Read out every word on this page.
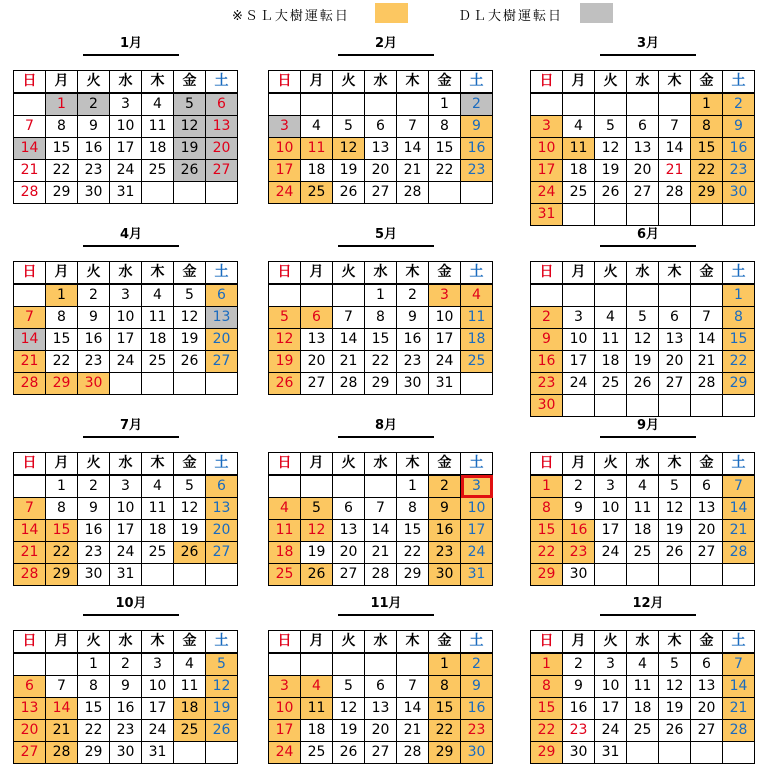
※ＳＬ大樹運転日	ＤＬ大樹運転日
1月
日	月	火	水	木	金	土
	1	2	3	4	5	6
7	8	9	10	11	12	13
14	15	16	17	18	19	20
21	22	23	24	25	26	27
28	29	30	31			
2月
日	月	火	水	木	金	土
					1	2
3	4	5	6	7	8	9
10	11	12	13	14	15	16
17	18	19	20	21	22	23
24	25	26	27	28		
3月
日	月	火	水	木	金	土
					1	2
3	4	5	6	7	8	9
10	11	12	13	14	15	16
17	18	19	20	21	22	23
24	25	26	27	28	29	30
31						
4月
日	月	火	水	木	金	土
	1	2	3	4	5	6
7	8	9	10	11	12	13
14	15	16	17	18	19	20
21	22	23	24	25	26	27
28	29	30				
5月
日	月	火	水	木	金	土
			1	2	3	4
5	6	7	8	9	10	11
12	13	14	15	16	17	18
19	20	21	22	23	24	25
26	27	28	29	30	31	
6月
日	月	火	水	木	金	土
						1
2	3	4	5	6	7	8
9	10	11	12	13	14	15
16	17	18	19	20	21	22
23	24	25	26	27	28	29
30						
7月
日	月	火	水	木	金	土
	1	2	3	4	5	6
7	8	9	10	11	12	13
14	15	16	17	18	19	20
21	22	23	24	25	26	27
28	29	30	31			
8月
日	月	火	水	木	金	土
				1	2	3
4	5	6	7	8	9	10
11	12	13	14	15	16	17
18	19	20	21	22	23	24
25	26	27	28	29	30	31
9月
日	月	火	水	木	金	土
1	2	3	4	5	6	7
8	9	10	11	12	13	14
15	16	17	18	19	20	21
22	23	24	25	26	27	28
29	30					
10月
日	月	火	水	木	金	土
		1	2	3	4	5
6	7	8	9	10	11	12
13	14	15	16	17	18	19
20	21	22	23	24	25	26
27	28	29	30	31		
11月
日	月	火	水	木	金	土
					1	2
3	4	5	6	7	8	9
10	11	12	13	14	15	16
17	18	19	20	21	22	23
24	25	26	27	28	29	30
12月
日	月	火	水	木	金	土
1	2	3	4	5	6	7
8	9	10	11	12	13	14
15	16	17	18	19	20	21
22	23	24	25	26	27	28
29	30	31				
